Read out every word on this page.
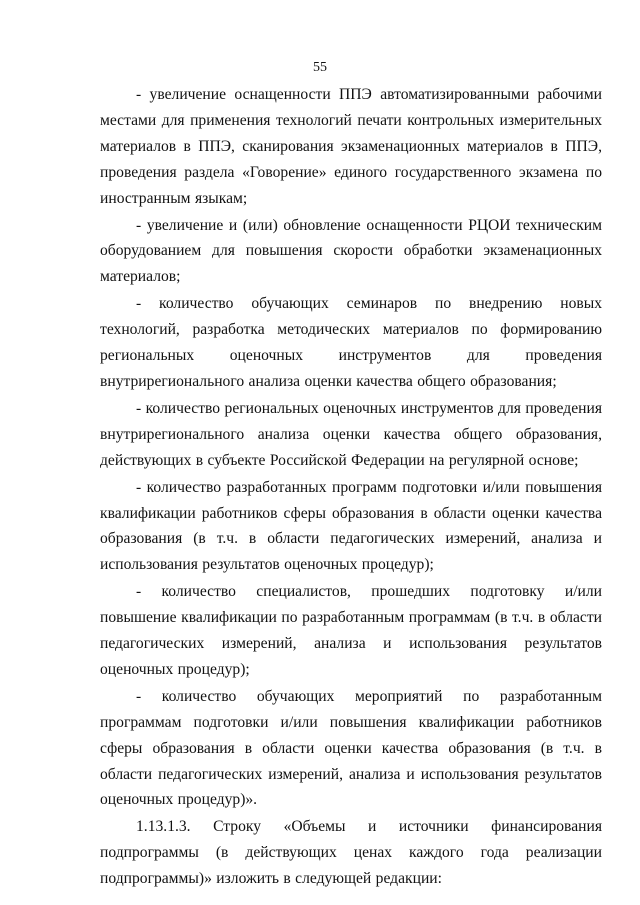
55

- увеличение оснащенности ППЭ автоматизированными рабочими местами для применения технологий печати контрольных измерительных материалов в ППЭ, сканирования экзаменационных материалов в ППЭ, проведения раздела «Говорение» единого государственного экзамена по иностранным языкам;

- увеличение и (или) обновление оснащенности РЦОИ техническим оборудованием для повышения скорости обработки экзаменационных материалов;

- количество обучающих семинаров по внедрению новых технологий, разработка методических материалов по формированию региональных оценочных инструментов для проведения внутрирегионального анализа оценки качества общего образования;

- количество региональных оценочных инструментов для проведения внутрирегионального анализа оценки качества общего образования, действующих в субъекте Российской Федерации на регулярной основе;

- количество разработанных программ подготовки и/или повышения квалификации работников сферы образования в области оценки качества образования (в т.ч. в области педагогических измерений, анализа и использования результатов оценочных процедур);

- количество специалистов, прошедших подготовку и/или повышение квалификации по разработанным программам (в т.ч. в области педагогических измерений, анализа и использования результатов оценочных процедур);

- количество обучающих мероприятий по разработанным программам подготовки и/или повышения квалификации работников сферы образования в области оценки качества образования (в т.ч. в области педагогических измерений, анализа и использования результатов оценочных процедур)».

1.13.1.3. Строку «Объемы и источники финансирования подпрограммы (в действующих ценах каждого года реализации подпрограммы)» изложить в следующей редакции:
